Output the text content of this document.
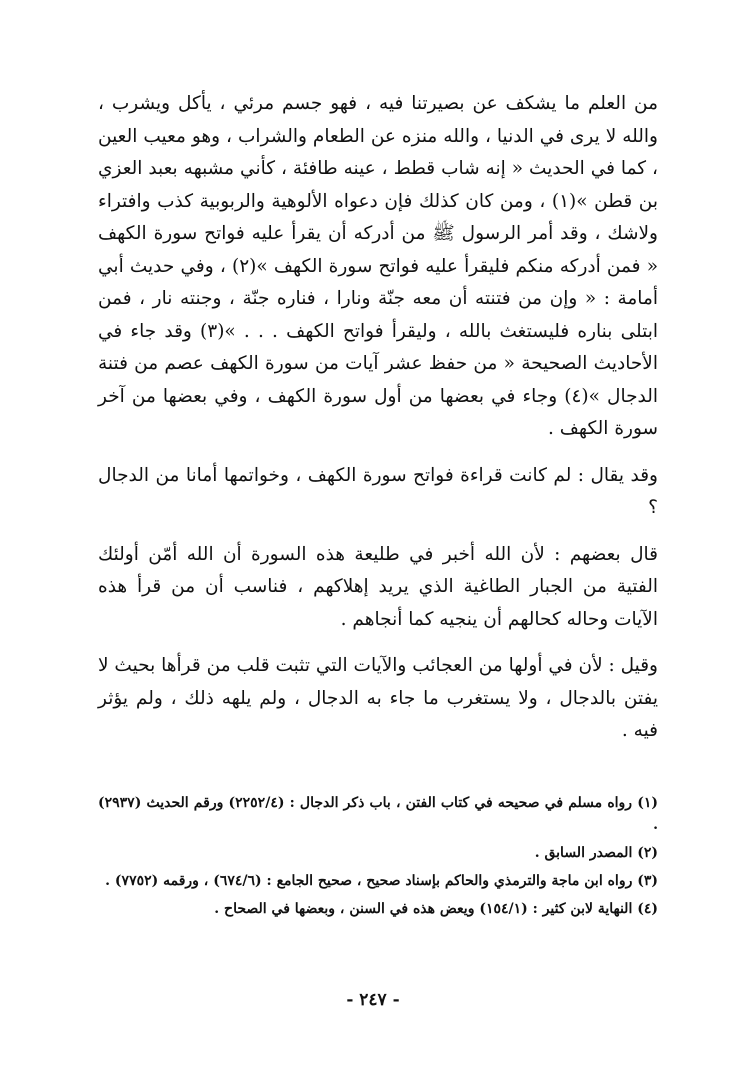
من العلم ما يشكف عن بصيرتنا فيه ، فهو جسم مرئي ، يأكل ويشرب ، والله لا يرى في الدنيا ، والله منزه عن الطعام والشراب ، وهو معيب العين ، كما في الحديث « إنه شاب قطط ، عينه طافئة ، كأني مشبهه بعبد العزي بن قطن »(١) ، ومن كان كذلك فإن دعواه الألوهية والربوبية كذب وافتراء ولاشك ، وقد أمر الرسول ﷺ من أدركه أن يقرأ عليه فواتح سورة الكهف « فمن أدركه منكم فليقرأ عليه فواتح سورة الكهف »(٢) ، وفي حديث أبي أمامة : « وإن من فتنته أن معه جنّة ونارا ، فناره جنّة ، وجنته نار ، فمن ابتلى بناره فليستغث بالله ، وليقرأ فواتح الكهف . . . »(٣) وقد جاء في الأحاديث الصحيحة « من حفظ عشر آيات من سورة الكهف عصم من فتنة الدجال »(٤) وجاء في بعضها من أول سورة الكهف ، وفي بعضها من آخر سورة الكهف .

وقد يقال : لم كانت قراءة فواتح سورة الكهف ، وخواتمها أمانا من الدجال ؟

قال بعضهم : لأن الله أخبر في طليعة هذه السورة أن الله أمّن أولئك الفتية من الجبار الطاغية الذي يريد إهلاكهم ، فناسب أن من قرأ هذه الآيات وحاله كحالهم أن ينجيه كما أنجاهم .

وقيل : لأن في أولها من العجائب والآيات التي تثبت قلب من قرأها بحيث لا يفتن بالدجال ، ولا يستغرب ما جاء به الدجال ، ولم يلهه ذلك ، ولم يؤثر فيه .

(١) رواه مسلم في صحيحه في كتاب الفتن ، باب ذكر الدجال : (٢٢٥٢/٤) ورقم الحديث (٢٩٣٧) .

(٢) المصدر السابق .

(٣) رواه ابن ماجة والترمذي والحاكم بإسناد صحيح ، صحيح الجامع : (٦٧٤/٦) ، ورقمه (٧٧٥٢) .

(٤) النهاية لابن كثير : (١٥٤/١) ويعض هذه في السنن ، وبعضها في الصحاح .

- ٢٤٧ -
